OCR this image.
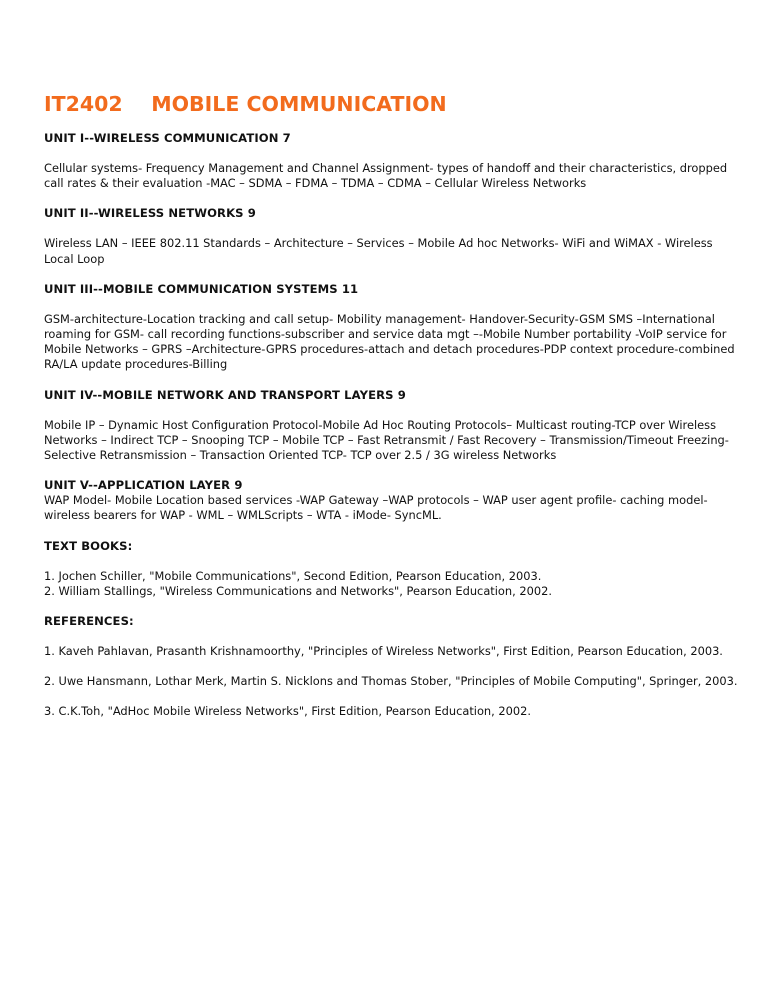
IT2402    MOBILE COMMUNICATION
UNIT I--WIRELESS COMMUNICATION 7
Cellular systems- Frequency Management and Channel Assignment- types of handoff and their characteristics, dropped call rates & their evaluation -MAC – SDMA – FDMA – TDMA – CDMA – Cellular Wireless Networks
UNIT II--WIRELESS NETWORKS 9
Wireless LAN – IEEE 802.11 Standards – Architecture – Services – Mobile Ad hoc Networks- WiFi and WiMAX - Wireless Local Loop
UNIT III--MOBILE COMMUNICATION SYSTEMS 11
GSM-architecture-Location tracking and call setup- Mobility management- Handover-Security-GSM SMS –International roaming for GSM- call recording functions-subscriber and service data mgt –-Mobile Number portability -VoIP service for Mobile Networks – GPRS –Architecture-GPRS procedures-attach and detach procedures-PDP context procedure-combined RA/LA update procedures-Billing
UNIT IV--MOBILE NETWORK AND TRANSPORT LAYERS 9
Mobile IP – Dynamic Host Configuration Protocol-Mobile Ad Hoc Routing Protocols– Multicast routing-TCP over Wireless Networks – Indirect TCP – Snooping TCP – Mobile TCP – Fast Retransmit / Fast Recovery – Transmission/Timeout Freezing-Selective Retransmission – Transaction Oriented TCP- TCP over 2.5 / 3G wireless Networks
UNIT V--APPLICATION LAYER 9
WAP Model- Mobile Location based services -WAP Gateway –WAP protocols – WAP user agent profile- caching model-wireless bearers for WAP - WML – WMLScripts – WTA - iMode- SyncML.
TEXT BOOKS:
1. Jochen Schiller, "Mobile Communications", Second Edition, Pearson Education, 2003.
2. William Stallings, "Wireless Communications and Networks", Pearson Education, 2002.
REFERENCES:
1. Kaveh Pahlavan, Prasanth Krishnamoorthy, "Principles of Wireless Networks", First Edition, Pearson Education, 2003.
2. Uwe Hansmann, Lothar Merk, Martin S. Nicklons and Thomas Stober, "Principles of Mobile Computing", Springer, 2003.
3. C.K.Toh, "AdHoc Mobile Wireless Networks", First Edition, Pearson Education, 2002.
